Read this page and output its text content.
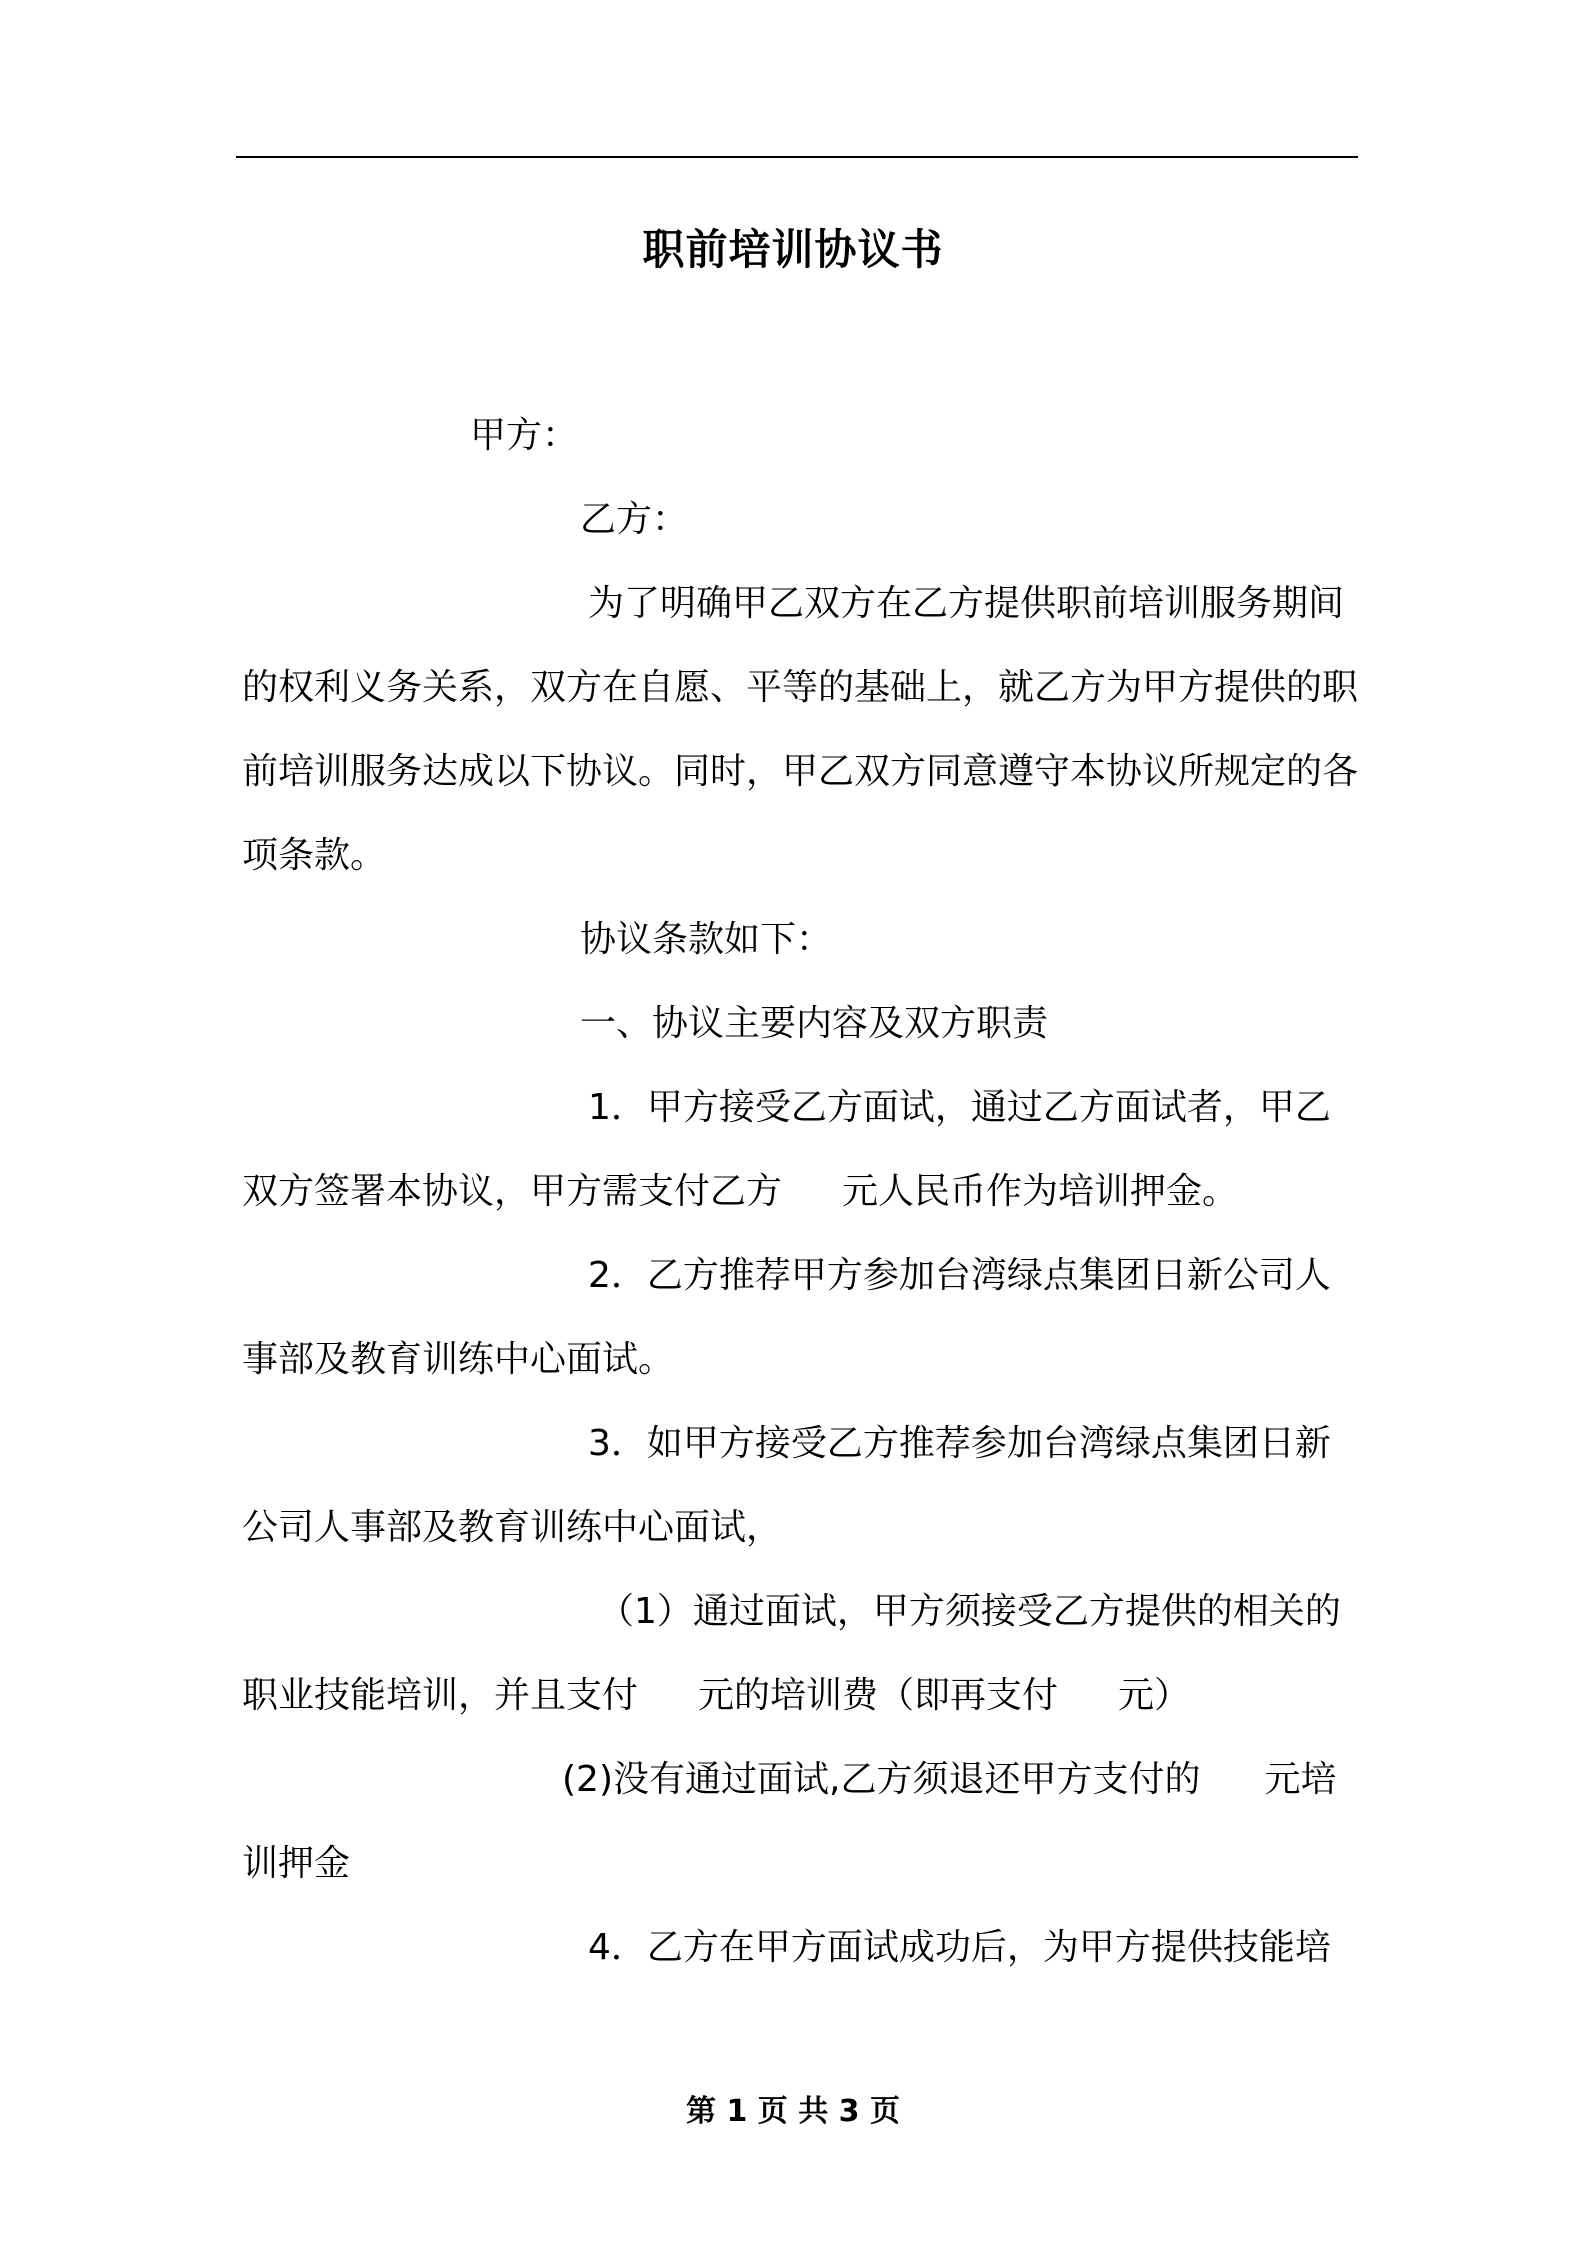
职前培训协议书
甲方：
乙方：
为了明确甲乙双方在乙方提供职前培训服务期间的权利义务关系，双方在自愿、平等的基础上，就乙方为甲方提供的职前培训服务达成以下协议。同时，甲乙双方同意遵守本协议所规定的各项条款。
协议条款如下：
一、协议主要内容及双方职责
1．甲方接受乙方面试，通过乙方面试者，甲乙双方签署本协议，甲方需支付乙方 元人民币作为培训押金。
2．乙方推荐甲方参加台湾绿点集团日新公司人事部及教育训练中心面试。
3．如甲方接受乙方推荐参加台湾绿点集团日新公司人事部及教育训练中心面试，
（1）通过面试，甲方须接受乙方提供的相关的职业技能培训，并且支付 元的培训费（即再支付 元）
(2)没有通过面试,乙方须退还甲方支付的 元培训押金
4．乙方在甲方面试成功后，为甲方提供技能培
第 1 页 共 3 页
